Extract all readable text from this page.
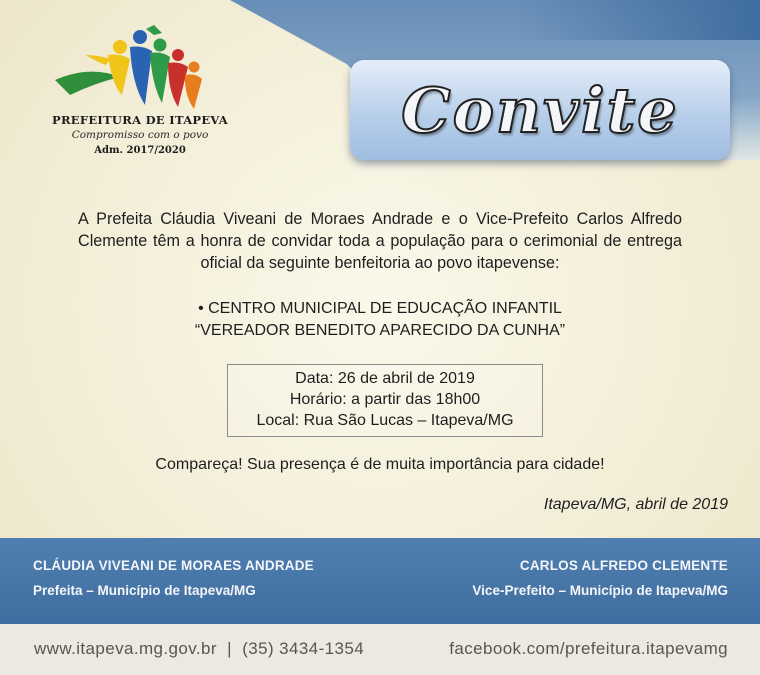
PREFEITURA DE ITAPEVA
Compromisso com o povo
Adm. 2017/2020
Convite

A Prefeita Cláudia Viveani de Moraes Andrade e o Vice-Prefeito Carlos Alfredo Clemente têm a honra de convidar toda a população para o cerimonial de entrega oficial da seguinte benfeitoria ao povo itapevense:

• CENTRO MUNICIPAL DE EDUCAÇÃO INFANTIL
“VEREADOR BENEDITO APARECIDO DA CUNHA”
Data: 26 de abril de 2019
Horário: a partir das 18h00
Local: Rua São Lucas – Itapeva/MG
Compareça! Sua presença é de muita importância para cidade!
Itapeva/MG, abril de 2019
CLÁUDIA VIVEANI DE MORAES ANDRADE
Prefeita – Município de Itapeva/MG
CARLOS ALFREDO CLEMENTE
Vice-Prefeito – Município de Itapeva/MG
www.itapeva.mg.gov.br  |  (35) 3434-1354	facebook.com/prefeitura.itapevamg
